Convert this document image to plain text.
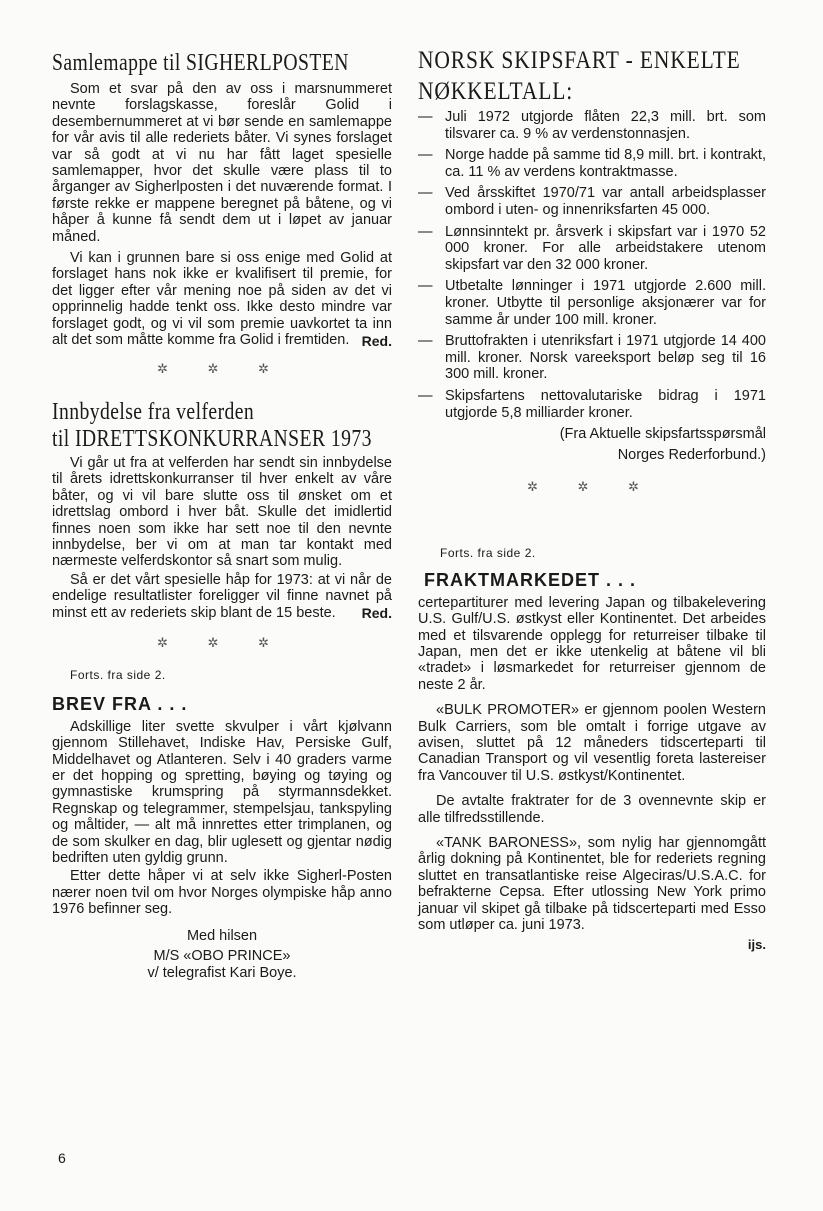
Samlemappe til SIGHERLPOSTEN

Som et svar på den av oss i marsnummeret nevnte forslagskasse, foreslår Golid i desembernummeret at vi bør sende en samlemappe for vår avis til alle rederiets båter. Vi synes forslaget var så godt at vi nu har fått laget spesielle samlemapper, hvor det skulle være plass til to årganger av Sigherlposten i det nuværende format. I første rekke er mappene beregnet på båtene, og vi håper å kunne få sendt dem ut i løpet av januar måned.

Vi kan i grunnen bare si oss enige med Golid at forslaget hans nok ikke er kvalifisert til premie, for det ligger efter vår mening noe på siden av det vi opprinnelig hadde tenkt oss. Ikke desto mindre var forslaget godt, og vi vil som premie uavkortet ta inn alt det som måtte komme fra Golid i fremtiden. Red.

✲ ✲ ✲

Innbydelse fra velferden
til IDRETTSKONKURRANSER 1973

Vi går ut fra at velferden har sendt sin innbydelse til årets idrettskonkurranser til hver enkelt av våre båter, og vi vil bare slutte oss til ønsket om et idrettslag ombord i hver båt. Skulle det imidlertid finnes noen som ikke har sett noe til den nevnte innbydelse, ber vi om at man tar kontakt med nærmeste velferdskontor så snart som mulig.

Så er det vårt spesielle håp for 1973: at vi når de endelige resultatlister foreligger vil finne navnet på minst ett av rederiets skip blant de 15 beste.	Red.

✲ ✲ ✲

Forts. fra side 2.

BREV FRA . . .

Adskillige liter svette skvulper i vårt kjølvann gjennom Stillehavet, Indiske Hav, Persiske Gulf, Middelhavet og Atlanteren. Selv i 40 graders varme er det hopping og spretting, bøying og tøying og gymnastiske krumspring på styrmannsdekket. Regnskap og telegrammer, stempelsjau, tankspyling og måltider, — alt må innrettes etter trimplanen, og de som skulker en dag, blir uglesett og gjentar nødig bedriften uten gyldig grunn.

Etter dette håper vi at selv ikke Sigherl-Posten nærer noen tvil om hvor Norges olympiske håp anno 1976 befinner seg.

Med hilsen

M/S «OBO PRINCE»

v/ telegrafist Kari Boye.

NORSK SKIPSFART - ENKELTE
NØKKELTALL:
— Juli 1972 utgjorde flåten 22,3 mill. brt. som tilsvarer ca. 9 % av verdenstonnasjen.
— Norge hadde på samme tid 8,9 mill. brt. i kontrakt, ca. 11 % av verdens kontraktmasse.
— Ved årsskiftet 1970/71 var antall arbeidsplasser ombord i uten- og innenriksfarten 45 000.
— Lønnsinntekt pr. årsverk i skipsfart var i 1970 52 000 kroner. For alle arbeidstakere utenom skipsfart var den 32 000 kroner.
— Utbetalte lønninger i 1971 utgjorde 2.600 mill. kroner. Utbytte til personlige aksjonærer var for samme år under 100 mill. kroner.
— Bruttofrakten i utenriksfart i 1971 utgjorde 14 400 mill. kroner. Norsk vareeksport beløp seg til 16 300 mill. kroner.
— Skipsfartens nettovalutariske bidrag i 1971 utgjorde 5,8 milliarder kroner.

(Fra Aktuelle skipsfartsspørsmål

Norges Rederforbund.)

✲ ✲ ✲

Forts. fra side 2.

FRAKTMARKEDET . . .

certepartiturer med levering Japan og tilbakelevering U.S. Gulf/U.S. østkyst eller Kontinentet. Det arbeides med et tilsvarende opplegg for returreiser tilbake til Japan, men det er ikke utenkelig at båtene vil bli «tradet» i løsmarkedet for returreiser gjennom de neste 2 år.

«BULK PROMOTER» er gjennom poolen Western Bulk Carriers, som ble omtalt i forrige utgave av avisen, sluttet på 12 måneders tidscerteparti til Canadian Transport og vil vesentlig foreta lastereiser fra Vancouver til U.S. østkyst/Kontinentet.

De avtalte fraktrater for de 3 ovennevnte skip er alle tilfredsstillende.

«TANK BARONESS», som nylig har gjennomgått årlig dokning på Kontinentet, ble for rederiets regning sluttet en transatlantiske reise Algeciras/U.S.A.C. for befrakterne Cepsa. Efter utlossing New York primo januar vil skipet gå tilbake på tidscerteparti med Esso som utløper ca. juni 1973.

ijs.
6
